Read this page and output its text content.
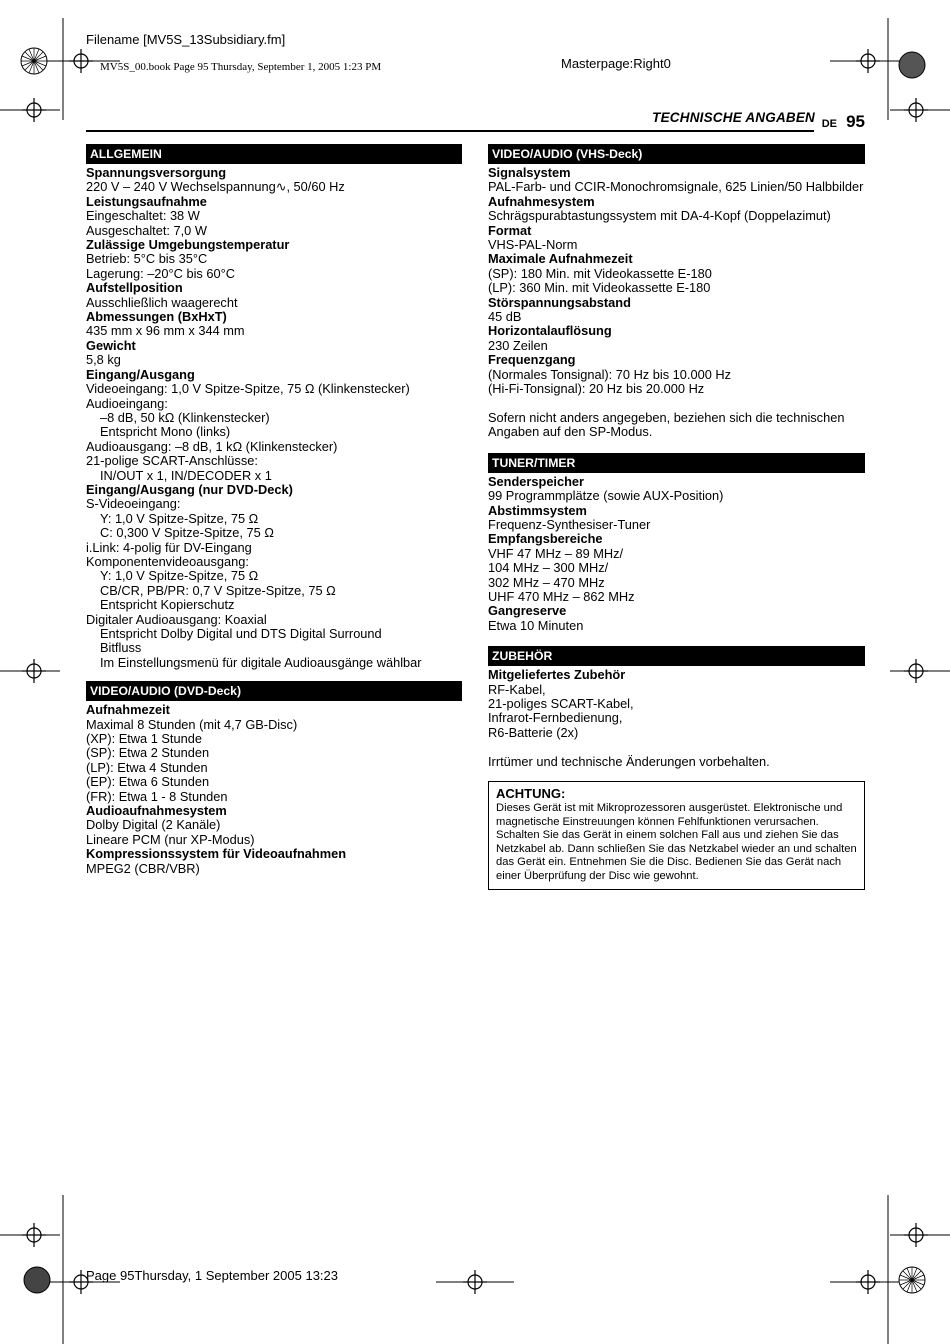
Filename [MV5S_13Subsidiary.fm]
MV5S_00.book Page 95 Thursday, September 1, 2005 1:23 PM	Masterpage:Right0
Page 95Thursday, 1 September 2005 13:23
TECHNISCHE ANGABEN DE 95
ALLGEMEIN
Spannungsversorgung
220 V – 240 V Wechselspannung∿, 50/60 Hz
Leistungsaufnahme
Eingeschaltet: 38 W
Ausgeschaltet: 7,0 W
Zulässige Umgebungstemperatur
Betrieb: 5°C bis 35°C
Lagerung: –20°C bis 60°C
Aufstellposition
Ausschließlich waagerecht
Abmessungen (BxHxT)
435 mm x 96 mm x 344 mm
Gewicht
5,8 kg
Eingang/Ausgang
Videoeingang: 1,0 V Spitze-Spitze, 75 Ω (Klinkenstecker)
Audioeingang:
–8 dB, 50 kΩ (Klinkenstecker)
Entspricht Mono (links)
Audioausgang: –8 dB, 1 kΩ (Klinkenstecker)
21-polige SCART-Anschlüsse:
IN/OUT x 1, IN/DECODER x 1
Eingang/Ausgang (nur DVD-Deck)
S-Videoeingang:
Y: 1,0 V Spitze-Spitze, 75 Ω
C: 0,300 V Spitze-Spitze, 75 Ω
i.Link: 4-polig für DV-Eingang
Komponentenvideoausgang:
Y: 1,0 V Spitze-Spitze, 75 Ω
CB/CR, PB/PR: 0,7 V Spitze-Spitze, 75 Ω
Entspricht Kopierschutz
Digitaler Audioausgang: Koaxial
Entspricht Dolby Digital und DTS Digital Surround
Bitfluss
Im Einstellungsmenü für digitale Audioausgänge wählbar
VIDEO/AUDIO (DVD-Deck)
Aufnahmezeit
Maximal 8 Stunden (mit 4,7 GB-Disc)
(XP): Etwa 1 Stunde
(SP): Etwa 2 Stunden
(LP): Etwa 4 Stunden
(EP): Etwa 6 Stunden
(FR): Etwa 1 - 8 Stunden
Audioaufnahmesystem
Dolby Digital (2 Kanäle)
Lineare PCM (nur XP-Modus)
Kompressionssystem für Videoaufnahmen
MPEG2 (CBR/VBR)
VIDEO/AUDIO (VHS-Deck)
Signalsystem
PAL-Farb- und CCIR-Monochromsignale, 625 Linien/50 Halbbilder
Aufnahmesystem
Schrägspurabtastungssystem mit DA-4-Kopf (Doppelazimut)
Format
VHS-PAL-Norm
Maximale Aufnahmezeit
(SP): 180 Min. mit Videokassette E-180
(LP): 360 Min. mit Videokassette E-180
Störspannungsabstand
45 dB
Horizontalauflösung
230 Zeilen
Frequenzgang
(Normales Tonsignal): 70 Hz bis 10.000 Hz
(Hi-Fi-Tonsignal): 20 Hz bis 20.000 Hz
Sofern nicht anders angegeben, beziehen sich die technischen
Angaben auf den SP-Modus.
TUNER/TIMER
Senderspeicher
99 Programmplätze (sowie AUX-Position)
Abstimmsystem
Frequenz-Synthesiser-Tuner
Empfangsbereiche
VHF 47 MHz – 89 MHz/
104 MHz – 300 MHz/
302 MHz – 470 MHz
UHF 470 MHz – 862 MHz
Gangreserve
Etwa 10 Minuten
ZUBEHÖR
Mitgeliefertes Zubehör
RF-Kabel,
21-poliges SCART-Kabel,
Infrarot-Fernbedienung,
R6-Batterie (2x)
Irrtümer und technische Änderungen vorbehalten.
ACHTUNG:
Dieses Gerät ist mit Mikroprozessoren ausgerüstet. Elektronische und magnetische Einstreuungen können Fehlfunktionen verursachen. Schalten Sie das Gerät in einem solchen Fall aus und ziehen Sie das Netzkabel ab. Dann schließen Sie das Netzkabel wieder an und schalten das Gerät ein. Entnehmen Sie die Disc. Bedienen Sie das Gerät nach einer Überprüfung der Disc wie gewohnt.
